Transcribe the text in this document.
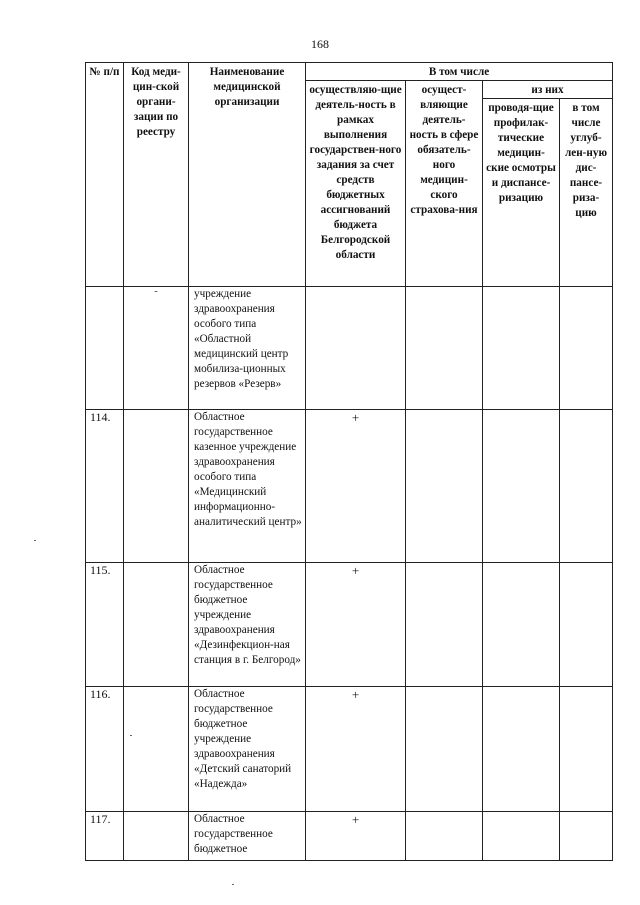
168
№ п/п	Код меди-цин-ской органи-зации по реестру	Наименование медицинской организации	В том числе			
			осуществляю-щие деятель-ность в рамках выполнения государствен-ного задания за счет средств бюджетных ассигнований бюджета Белгородской области	осущест-вляющие деятель-ность в сфере обязатель-ного медицин-ского страхова-ния	из них	
					проводя-щие профилак-тические медицин-ские осмотры и диспансе-ризацию	в том числе углуб-лен-ную дис-пансе-риза-цию

	-	учреждение здравоохранения особого типа «Областной медицинский центр мобилиза-ционных резервов «Резерв»				
114.		Областное государственное казенное учреждение здравоохранения особого типа «Медицинский информационно-аналитический центр»	+			
115.		Областное государственное бюджетное учреждение здравоохранения «Дезинфекцион-ная станция в г. Белгород»	+			
116.		Областное государственное бюджетное учреждение здравоохранения «Детский санаторий «Надежда»	+			
117.		Областное государственное бюджетное	+			
